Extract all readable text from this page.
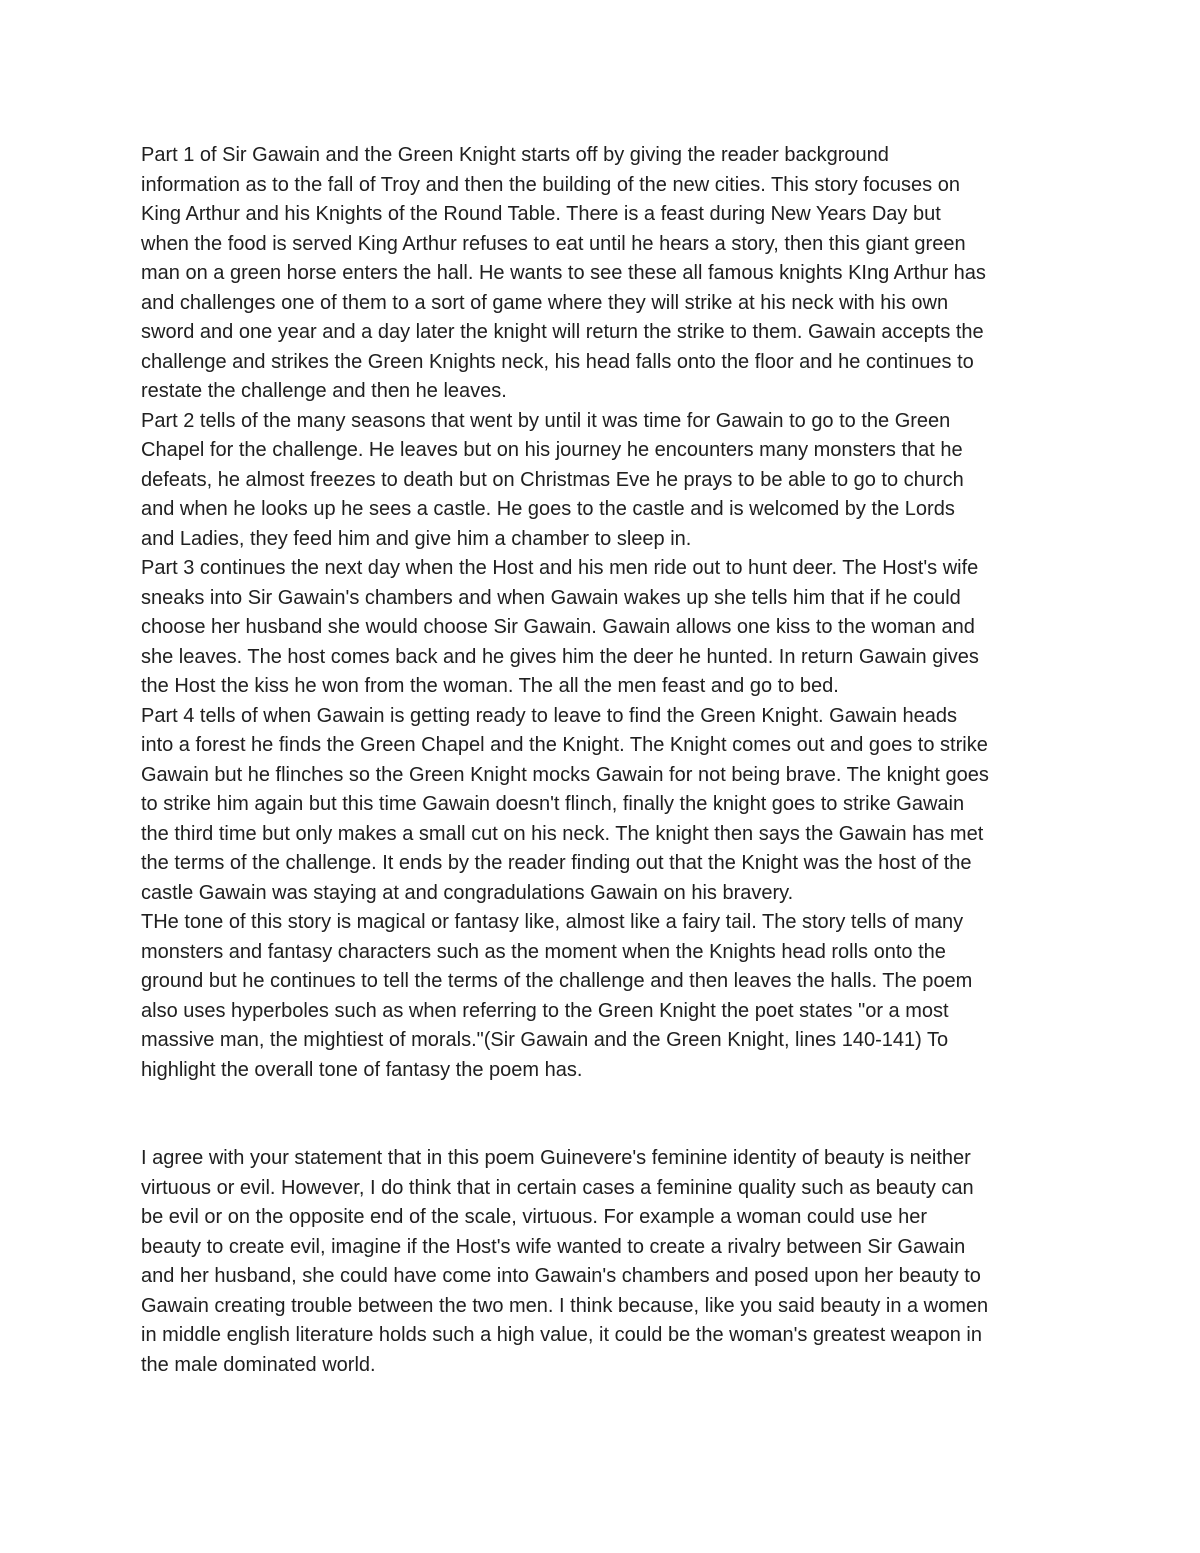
Part 1 of Sir Gawain and the Green Knight starts off by giving the reader background
information as to the fall of Troy and then the building of the new cities. This story focuses on
King Arthur and his Knights of the Round Table. There is a feast during New Years Day but
when the food is served King Arthur refuses to eat until he hears a story, then this giant green
man on a green horse enters the hall. He wants to see these all famous knights KIng Arthur has
and challenges one of them to a sort of game where they will strike at his neck with his own
sword and one year and a day later the knight will return the strike to them. Gawain accepts the
challenge and strikes the Green Knights neck, his head falls onto the floor and he continues to
restate the challenge and then he leaves.
Part 2 tells of the many seasons that went by until it was time for Gawain to go to the Green
Chapel for the challenge. He leaves but on his journey he encounters many monsters that he
defeats, he almost freezes to death but on Christmas Eve he prays to be able to go to church
and when he looks up he sees a castle. He goes to the castle and is welcomed by the Lords
and Ladies, they feed him and give him a chamber to sleep in.
Part 3 continues the next day when the Host and his men ride out to hunt deer. The Host's wife
sneaks into Sir Gawain's chambers and when Gawain wakes up she tells him that if he could
choose her husband she would choose Sir Gawain. Gawain allows one kiss to the woman and
she leaves. The host comes back and he gives him the deer he hunted. In return Gawain gives
the Host the kiss he won from the woman. The all the men feast and go to bed.
Part 4 tells of when Gawain is getting ready to leave to find the Green Knight. Gawain heads
into a forest he finds the Green Chapel and the Knight. The Knight comes out and goes to strike
Gawain but he flinches so the Green Knight mocks Gawain for not being brave. The knight goes
to strike him again but this time Gawain doesn't flinch, finally the knight goes to strike Gawain
the third time but only makes a small cut on his neck. The knight then says the Gawain has met
the terms of the challenge. It ends by the reader finding out that the Knight was the host of the
castle Gawain was staying at and congradulations Gawain on his bravery.
THe tone of this story is magical or fantasy like, almost like a fairy tail. The story tells of many
monsters and fantasy characters such as the moment when the Knights head rolls onto the
ground but he continues to tell the terms of the challenge and then leaves the halls. The poem
also uses hyperboles such as when referring to the Green Knight the poet states "or a most
massive man, the mightiest of morals."(Sir Gawain and the Green Knight, lines 140-141) To
highlight the overall tone of fantasy the poem has.
I agree with your statement that in this poem Guinevere's feminine identity of beauty is neither
virtuous or evil. However, I do think that in certain cases a feminine quality such as beauty can
be evil or on the opposite end of the scale, virtuous. For example a woman could use her
beauty to create evil, imagine if the Host's wife wanted to create a rivalry between Sir Gawain
and her husband, she could have come into Gawain's chambers and posed upon her beauty to
Gawain creating trouble between the two men. I think because, like you said beauty in a women
in middle english literature holds such a high value, it could be the woman's greatest weapon in
the male dominated world.
